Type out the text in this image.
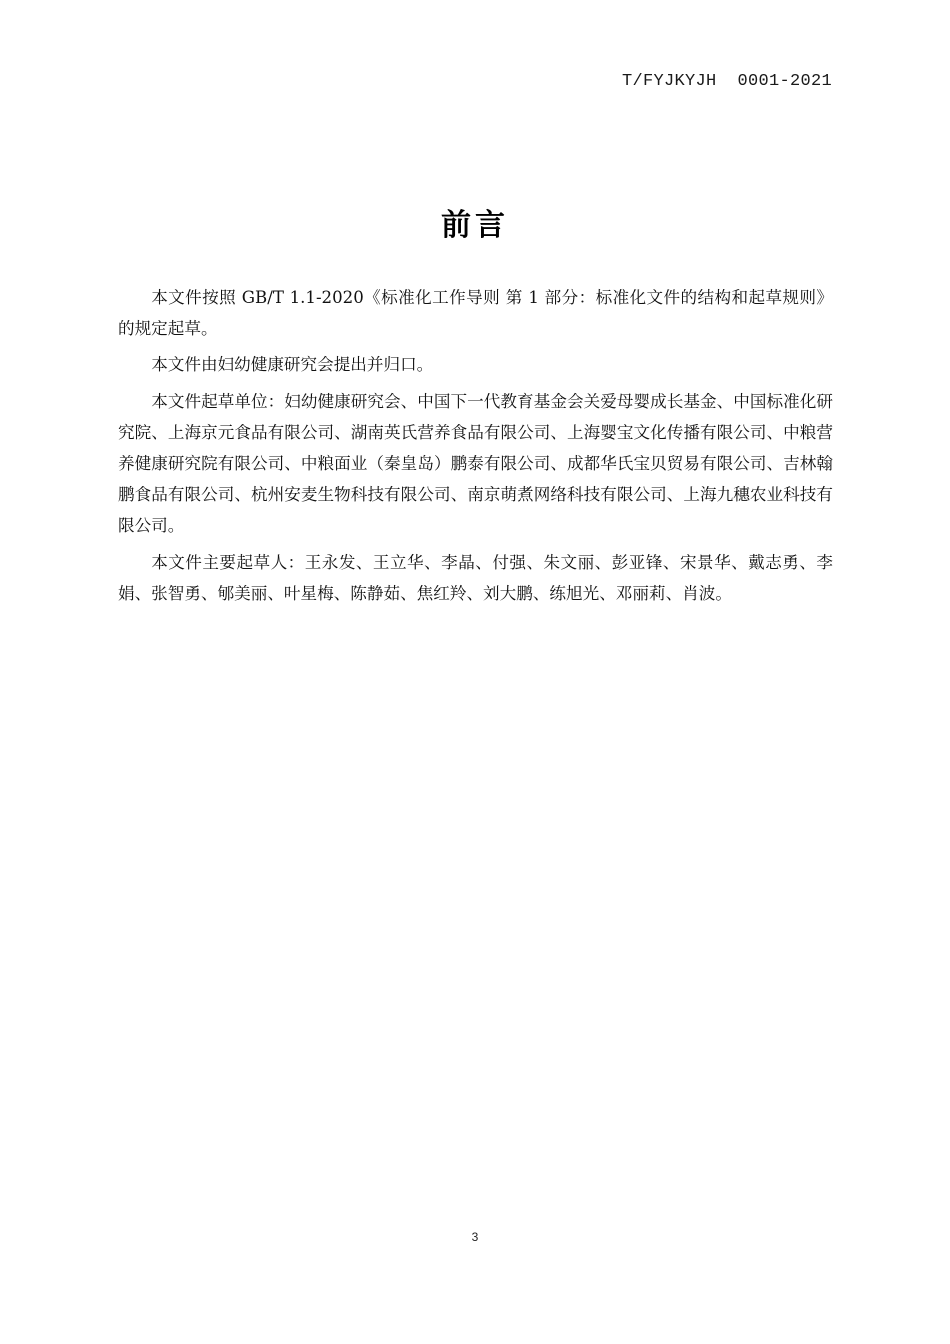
T/FYJKYJH  0001-2021
前言

本文件按照 GB/T 1.1-2020《标准化工作导则 第 1 部分：标准化文件的结构和起草规则》的规定起草。

本文件由妇幼健康研究会提出并归口。

本文件起草单位：妇幼健康研究会、中国下一代教育基金会关爱母婴成长基金、中国标准化研究院、上海京元食品有限公司、湖南英氏营养食品有限公司、上海婴宝文化传播有限公司、中粮营养健康研究院有限公司、中粮面业（秦皇岛）鹏泰有限公司、成都华氏宝贝贸易有限公司、吉林翰鹏食品有限公司、杭州安麦生物科技有限公司、南京萌煮网络科技有限公司、上海九穗农业科技有限公司。

本文件主要起草人：王永发、王立华、李晶、付强、朱文丽、彭亚锋、宋景华、戴志勇、李娟、张智勇、郇美丽、叶星梅、陈静茹、焦红羚、刘大鹏、练旭光、邓丽莉、肖波。

3
